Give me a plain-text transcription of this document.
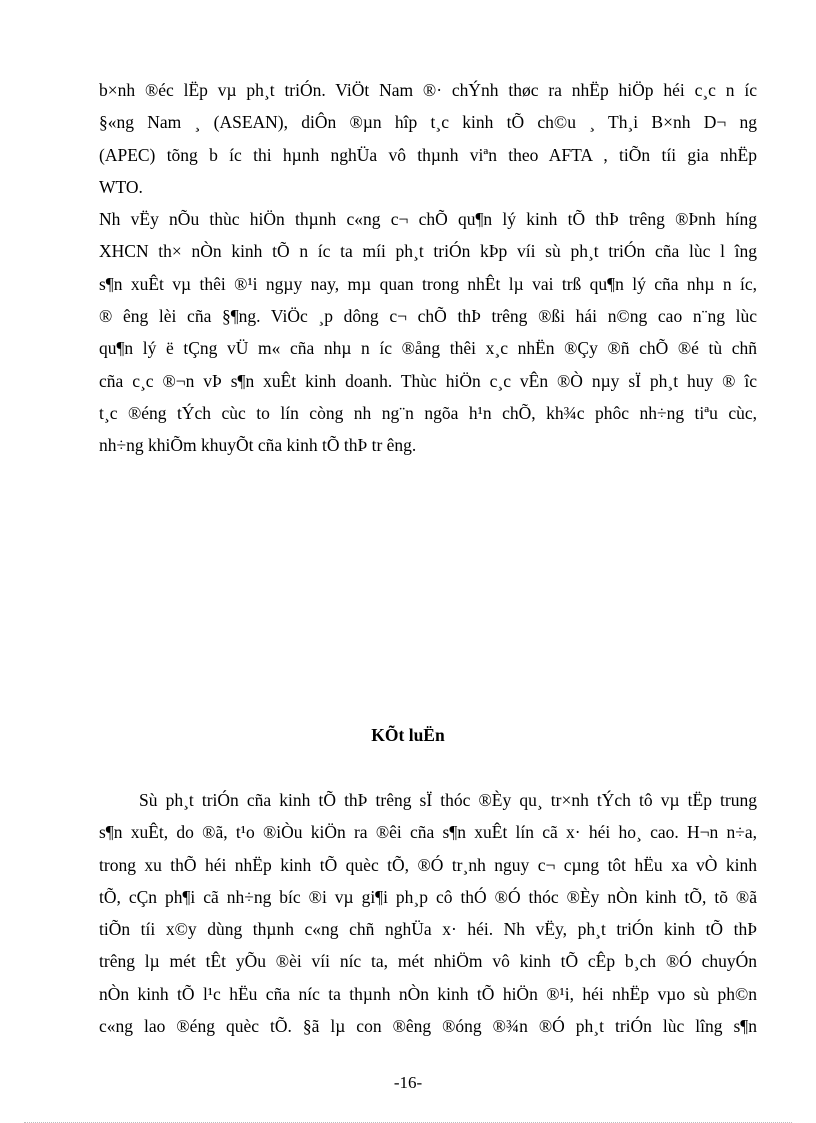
b×nh ®éc lËp vµ ph¸t triÓn. ViÖt Nam ®· chÝnh thøc ra nhËp hiÖp héi c¸c n íc
§«ng Nam ¸ (ASEAN), diÔn ®µn hîp t¸c kinh tÕ ch©u ¸ Th¸i B×nh D¬ ng
(APEC) tõng b íc thi hµnh nghÜa vô thµnh viªn theo AFTA , tiÕn tíi gia nhËp
WTO.
Nh vËy nÕu thùc hiÖn thµnh c«ng c¬ chÕ qu¶n lý kinh tÕ thÞ trêng ®Þnh híng
XHCN th× nÒn kinh tÕ n íc ta míi ph¸t triÓn kÞp víi sù ph¸t triÓn cña lùc l îng
s¶n xuÊt vµ thêi ®¹i ngµy nay, mµ quan trong nhÊt lµ vai trß qu¶n lý cña nhµ n íc,
® êng lèi cña §¶ng. ViÖc ¸p dông c¬ chÕ thÞ trêng ®ßi hái n©ng cao n¨ng lùc
qu¶n lý ë tÇng vÜ m« cña nhµ n íc ®ång thêi x¸c nhËn ®Çy ®ñ chÕ ®é tù chñ
cña c¸c ®¬n vÞ s¶n xuÊt kinh doanh. Thùc hiÖn c¸c vÊn ®Ò nµy sÏ ph¸t huy ® îc
t¸c ®éng tÝch cùc to lín còng nh ng¨n ngõa h¹n chÕ, kh¾c phôc nh÷ng tiªu cùc,
nh÷ng khiÕm khuyÕt cña kinh tÕ thÞ tr êng.
KÕt luËn
Sù ph¸t triÓn cña kinh tÕ thÞ trêng sÏ thóc ®Èy qu¸ tr×nh tÝch tô vµ tËp trung
s¶n xuÊt, do ®ã, t¹o ®iÒu kiÖn ra ®êi cña s¶n xuÊt lín cã x· héi ho¸ cao. H¬n n÷a,
trong xu thÕ héi nhËp kinh tÕ quèc tÕ, ®Ó tr¸nh nguy c¬ cµng tôt hËu xa vÒ kinh
tÕ, cÇn ph¶i cã nh÷ng bíc ®i vµ gi¶i ph¸p cô thÓ ®Ó thóc ®Èy nÒn kinh tÕ, tõ ®ã
tiÕn tíi x©y dùng thµnh c«ng chñ nghÜa x· héi. Nh vËy, ph¸t triÓn kinh tÕ thÞ
trêng lµ mét tÊt yÕu ®èi víi níc ta, mét nhiÖm vô kinh tÕ cÊp b¸ch ®Ó chuyÓn
nÒn kinh tÕ l¹c hËu cña níc ta thµnh nÒn kinh tÕ hiÖn ®¹i, héi nhËp vµo sù ph©n
c«ng lao ®éng quèc tÕ. §ã lµ con ®êng ®óng ®¾n ®Ó ph¸t triÓn lùc lîng s¶n
-16-
